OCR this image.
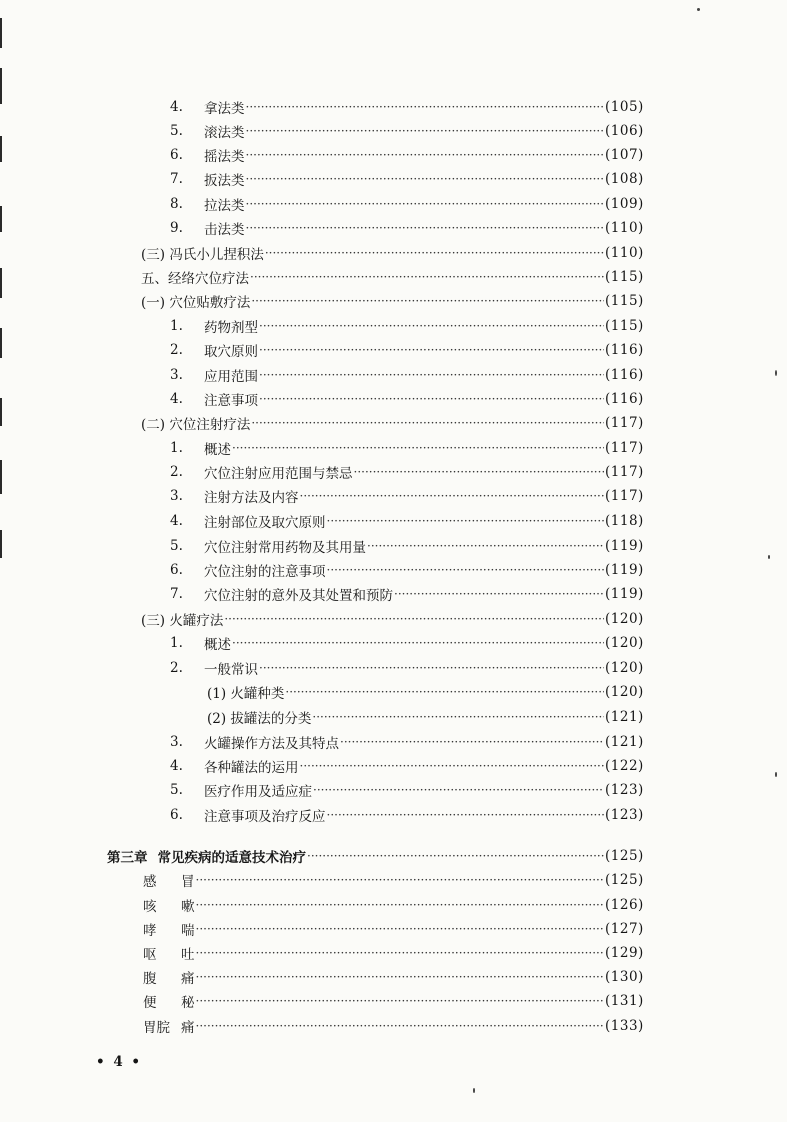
4.	拿法类 ·····	(105)
5.	滚法类 ·····	(106)
6.	摇法类 ·····	(107)
7.	扳法类 ·····	(108)
8.	拉法类 ·····	(109)
9.	击法类 ·····	(110)
(三) 冯氏小儿捏积法 ·····	(110)
五、经络穴位疗法 ·····	(115)
(一) 穴位贴敷疗法 ·····	(115)
1.	药物剂型 ·····	(115)
2.	取穴原则 ·····	(116)
3.	应用范围 ·····	(116)
4.	注意事项 ·····	(116)
(二) 穴位注射疗法 ·····	(117)
1.	概述 ·····	(117)
2.	穴位注射应用范围与禁忌 ·····	(117)
3.	注射方法及内容 ·····	(117)
4.	注射部位及取穴原则 ·····	(118)
5.	穴位注射常用药物及其用量 ·····	(119)
6.	穴位注射的注意事项 ·····	(119)
7.	穴位注射的意外及其处置和预防 ·····	(119)
(三) 火罐疗法 ·····	(120)
1.	概述 ·····	(120)
2.	一般常识 ·····	(120)
(1) 火罐种类 ·····	(120)
(2) 拔罐法的分类 ·····	(121)
3.	火罐操作方法及其特点 ·····	(121)
4.	各种罐法的运用 ·····	(122)
5.	医疗作用及适应症 ·····	(123)
6.	注意事项及治疗反应 ·····	(123)
第三章 常见疾病的适意技术治疗 ·····	(125)
感	冒 ·····	(125)
咳	嗽 ·····	(126)
哮	喘 ·····	(127)
呕	吐 ·····	(129)
腹	痛 ·····	(130)
便	秘 ·····	(131)
胃脘 痛 ·····	(133)
• 4 •
